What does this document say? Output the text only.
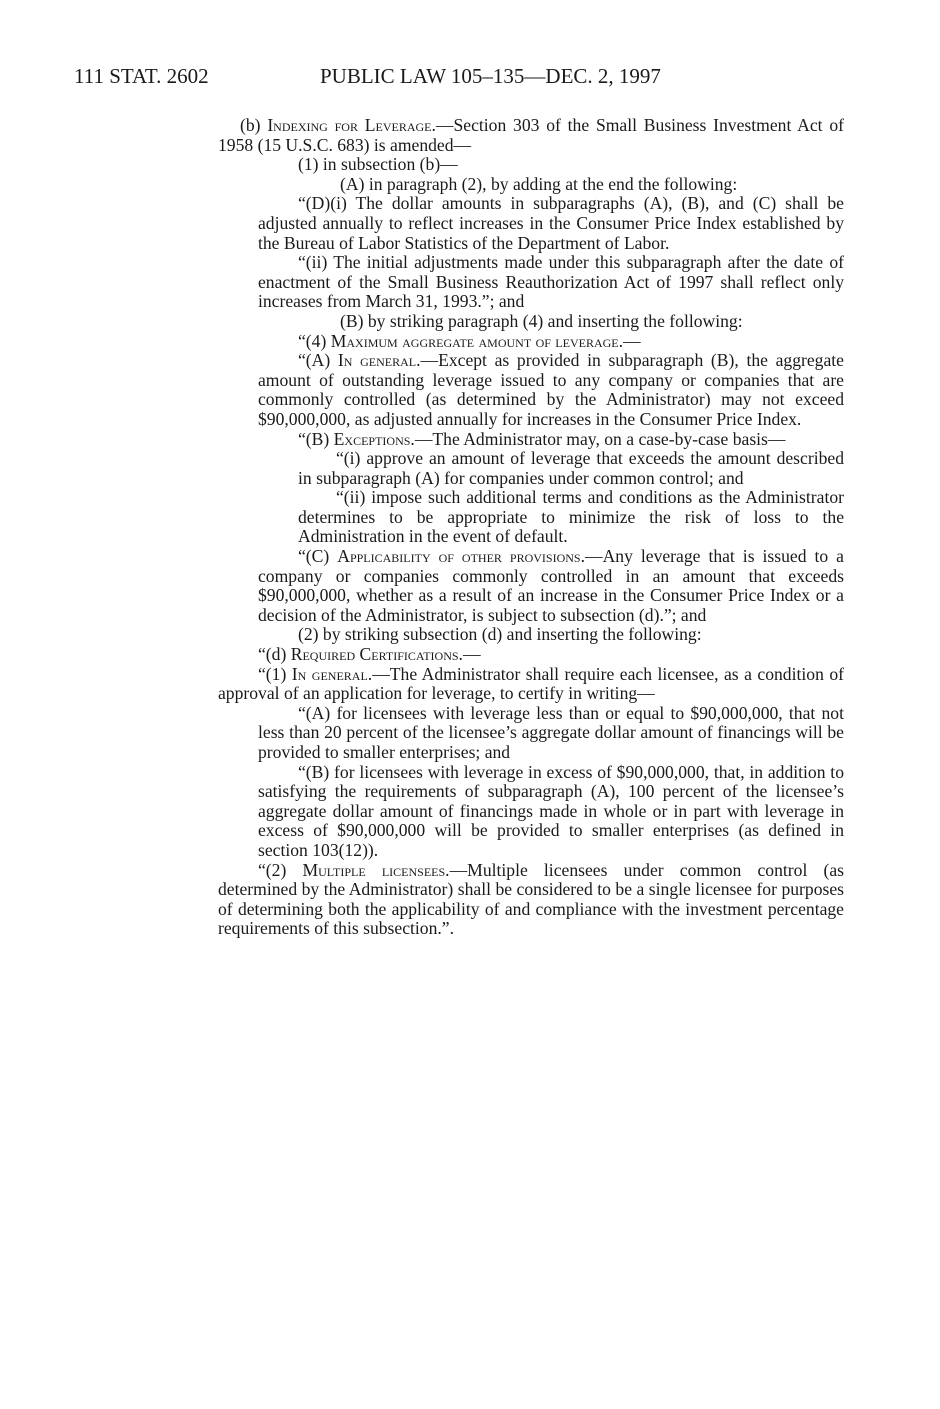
111 STAT. 2602	PUBLIC LAW 105–135—DEC. 2, 1997

(b) Indexing for Leverage.—Section 303 of the Small Business Investment Act of 1958 (15 U.S.C. 683) is amended—

(1) in subsection (b)—

(A) in paragraph (2), by adding at the end the following:

“(D)(i) The dollar amounts in subparagraphs (A), (B), and (C) shall be adjusted annually to reflect increases in the Consumer Price Index established by the Bureau of Labor Statistics of the Department of Labor.

“(ii) The initial adjustments made under this subparagraph after the date of enactment of the Small Business Reauthorization Act of 1997 shall reflect only increases from March 31, 1993.”; and

(B) by striking paragraph (4) and inserting the following:

“(4) Maximum aggregate amount of leverage.—

“(A) In general.—Except as provided in subparagraph (B), the aggregate amount of outstanding leverage issued to any company or companies that are commonly controlled (as determined by the Administrator) may not exceed $90,000,000, as adjusted annually for increases in the Consumer Price Index.

“(B) Exceptions.—The Administrator may, on a case-by-case basis—

“(i) approve an amount of leverage that exceeds the amount described in subparagraph (A) for companies under common control; and

“(ii) impose such additional terms and conditions as the Administrator determines to be appropriate to minimize the risk of loss to the Administration in the event of default.

“(C) Applicability of other provisions.—Any leverage that is issued to a company or companies commonly controlled in an amount that exceeds $90,000,000, whether as a result of an increase in the Consumer Price Index or a decision of the Administrator, is subject to subsection (d).”; and

(2) by striking subsection (d) and inserting the following:

“(d) Required Certifications.—

“(1) In general.—The Administrator shall require each licensee, as a condition of approval of an application for leverage, to certify in writing—

“(A) for licensees with leverage less than or equal to $90,000,000, that not less than 20 percent of the licensee’s aggregate dollar amount of financings will be provided to smaller enterprises; and

“(B) for licensees with leverage in excess of $90,000,000, that, in addition to satisfying the requirements of subparagraph (A), 100 percent of the licensee’s aggregate dollar amount of financings made in whole or in part with leverage in excess of $90,000,000 will be provided to smaller enterprises (as defined in section 103(12)).

“(2) Multiple licensees.—Multiple licensees under common control (as determined by the Administrator) shall be considered to be a single licensee for purposes of determining both the applicability of and compliance with the investment percentage requirements of this subsection.”.
